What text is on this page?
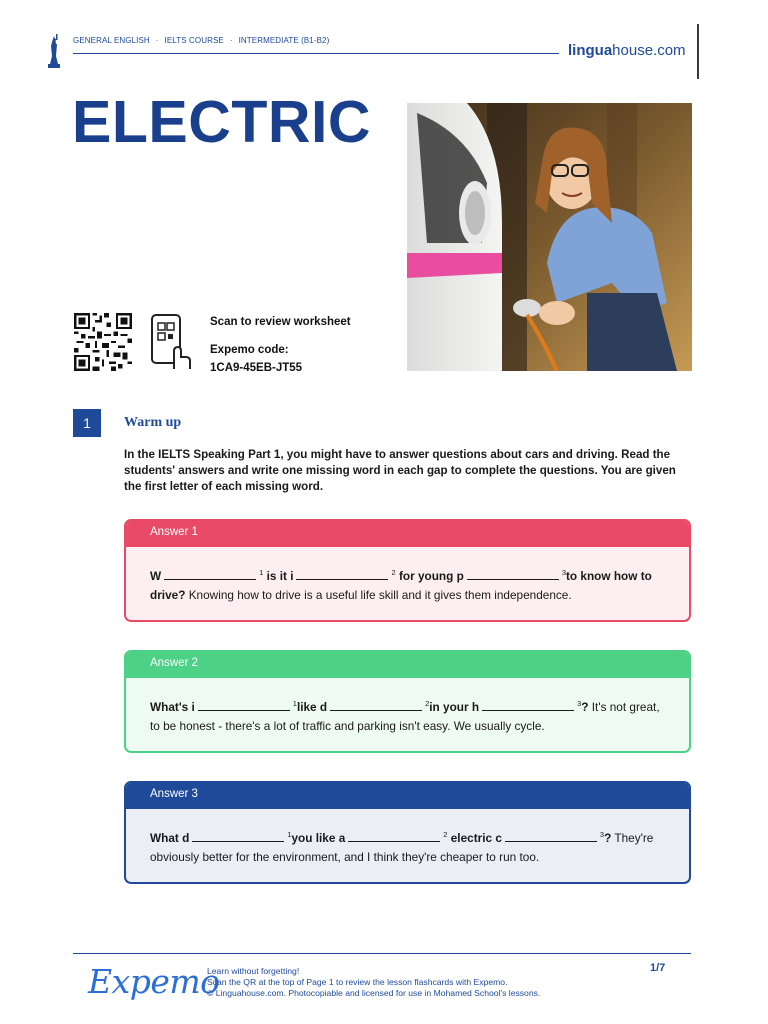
GENERAL ENGLISH · IELTS COURSE · INTERMEDIATE (B1-B2)
linguahouse.com
ELECTRIC
Scan to review worksheet
Expemo code:
1CA9-45EB-JT55
1	Warm up

In the IELTS Speaking Part 1, you might have to answer questions about cars and driving. Read the students' answers and write one missing word in each gap to complete the questions. You are given the first letter of each missing word.

Answer 1
W	$^1$ is it i	$^2$ for young p	$^3$to know how to drive? Knowing how to drive is a useful life skill and it gives them independence.
Answer 2
What's i	$^1$like d	$^2$in your h	$^3$? It's not great, to be honest - there's a lot of traffic and parking isn't easy. We usually cycle.
Answer 3
What d	$^1$you like a	$^2$ electric c	$^3$? They're obviously better for the environment, and I think they're cheaper to run too.
Expemo
Learn without forgetting!
Scan the QR at the top of Page 1 to review the lesson flashcards with Expemo.
© Linguahouse.com. Photocopiable and licensed for use in Mohamed School's lessons.
1/7
